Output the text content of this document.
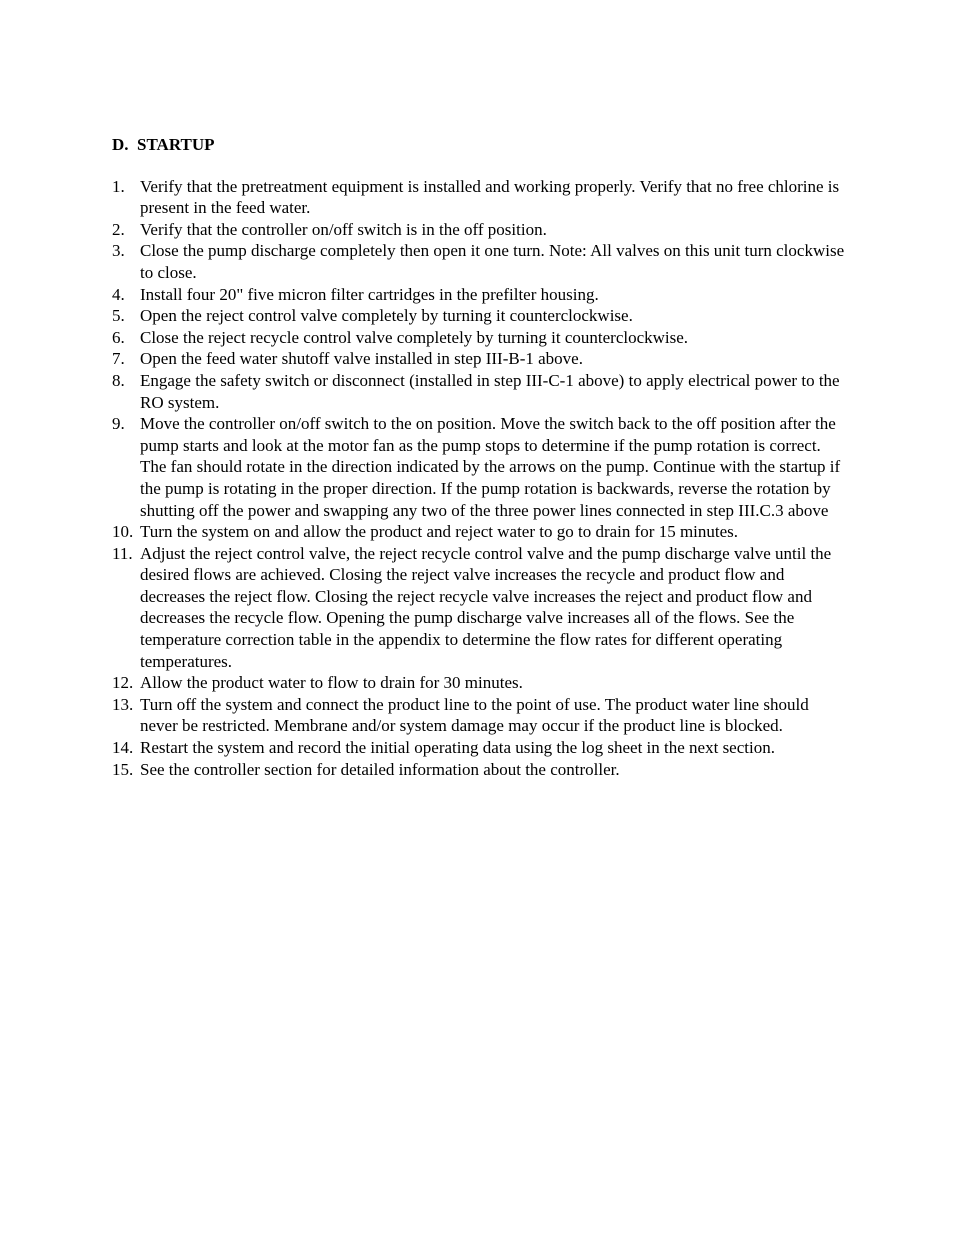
D.  STARTUP
1. Verify that the pretreatment equipment is installed and working properly. Verify that no free chlorine is present in the feed water.
2. Verify that the controller on/off switch is in the off position.
3. Close the pump discharge completely then open it one turn. Note: All valves on this unit turn clockwise to close.
4. Install four 20" five micron filter cartridges in the prefilter housing.
5. Open the reject control valve completely by turning it counterclockwise.
6. Close the reject recycle control valve completely by turning it counterclockwise.
7. Open the feed water shutoff valve installed in step III-B-1 above.
8. Engage the safety switch or disconnect (installed in step III-C-1 above) to apply electrical power to the RO system.
9. Move the controller on/off switch to the on position. Move the switch back to the off position after the pump starts and look at the motor fan as the pump stops to determine if the pump rotation is correct. The fan should rotate in the direction indicated by the arrows on the pump. Continue with the startup if the pump is rotating in the proper direction. If the pump rotation is backwards, reverse the rotation by shutting off the power and swapping any two of the three power lines connected in step III.C.3 above
10. Turn the system on and allow the product and reject water to go to drain for 15 minutes.
11. Adjust the reject control valve, the reject recycle control valve and the pump discharge valve until the desired flows are achieved. Closing the reject valve increases the recycle and product flow and decreases the reject flow. Closing the reject recycle valve increases the reject and product flow and decreases the recycle flow. Opening the pump discharge valve increases all of the flows. See the temperature correction table in the appendix to determine the flow rates for different operating temperatures.
12. Allow the product water to flow to drain for 30 minutes.
13. Turn off the system and connect the product line to the point of use. The product water line should never be restricted. Membrane and/or system damage may occur if the product line is blocked.
14. Restart the system and record the initial operating data using the log sheet in the next section.
15. See the controller section for detailed information about the controller.
